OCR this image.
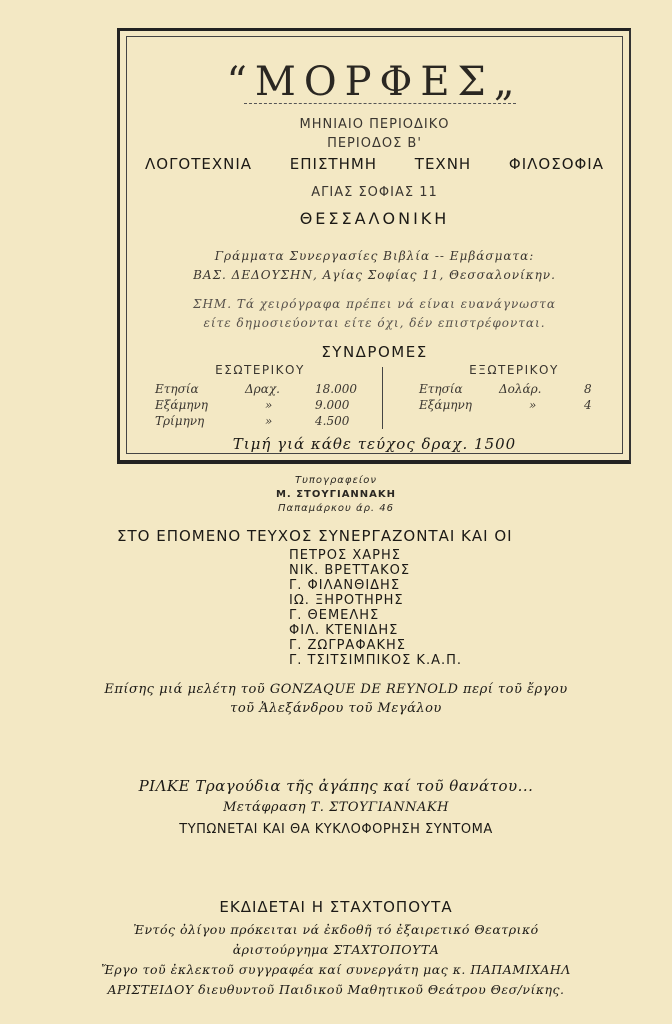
“ΜΟΡΦΕΣ„
ΜΗΝΙΑΙΟ ΠΕΡΙΟΔΙΚΟ
ΠΕΡΙΟΔΟΣ Β'
ΛΟΓΟΤΕΧΝΙΑ	ΕΠΙΣΤΗΜΗ	ΤΕΧΝΗ	ΦΙΛΟΣΟΦΙΑ
ΑΓΙΑΣ ΣΟΦΙΑΣ 11
ΘΕΣΣΑΛΟΝΙΚΗ
Γράμματα Συνεργασίες Βιβλία -- Εμβάσματα:
ΒΑΣ. ΔΕΔΟΥΣΗΝ, Αγίας Σοφίας 11, Θεσσαλονίκην.
ΣΗΜ. Τά χειρόγραφα πρέπει νά είναι ευανάγνωστα
είτε δημοσιεύονται είτε όχι, δέν επιστρέφονται.
ΣΥΝΔΡΟΜΕΣ
ΕΣΩΤΕΡΙΚΟΥ
Ετησία	Δραχ.	18.000
Εξάμηνη	»	9.000
Τρίμηνη	»	4.500
ΕΞΩΤΕΡΙΚΟΥ
Ετησία	Δολάρ.	8
Εξάμηνη	»	4
Τιμή γιά κάθε τεύχος δραχ. 1500
Τυπογραφείον
Μ. ΣΤΟΥΓΙΑΝΝΑΚΗ
Παπαμάρκου άρ. 46
ΣΤΟ ΕΠΟΜΕΝΟ ΤΕΥΧΟΣ ΣΥΝΕΡΓΑΖΟΝΤΑΙ ΚΑΙ ΟΙ
ΠΕΤΡΟΣ ΧΑΡΗΣ
ΝΙΚ. ΒΡΕΤΤΑΚΟΣ
Γ. ΦΙΛΑΝΘΙΔΗΣ
ΙΩ. ΞΗΡΟΤΗΡΗΣ
Γ. ΘΕΜΕΛΗΣ
ΦΙΛ. ΚΤΕΝΙΔΗΣ
Γ. ΖΩΓΡΑΦΑΚΗΣ
Γ. ΤΣΙΤΣΙΜΠΙΚΟΣ Κ.Α.Π.
Επίσης μιά μελέτη τοῦ GONZAQUE DE REYNOLD περί τοῦ ἔργου
τοῦ Ἀλεξάνδρου τοῦ Μεγάλου
ΡΙΛΚΕ Τραγούδια τῆς ἀγάπης καί τοῦ θανάτου...
Μετάφραση Τ. ΣΤΟΥΓΙΑΝΝΑΚΗ
ΤΥΠΩΝΕΤΑΙ ΚΑΙ ΘΑ ΚΥΚΛΟΦΟΡΗΣΗ ΣΥΝΤΟΜΑ
ΕΚΔΙΔΕΤΑΙ Η ΣΤΑΧΤΟΠΟΥΤΑ
Ἐντός ὀλίγου πρόκειται νά ἐκδοθῆ τό ἐξαιρετικό Θεατρικό
ἀριστούργημα ΣΤΑΧΤΟΠΟΥΤΑ
Ἔργο τοῦ ἐκλεκτοῦ συγγραφέα καί συνεργάτη μας κ. ΠΑΠΑΜΙΧΑΗΛ
ΑΡΙΣΤΕΙΔΟΥ διευθυντοῦ Παιδικοῦ Μαθητικοῦ Θεάτρου Θεσ/νίκης.
